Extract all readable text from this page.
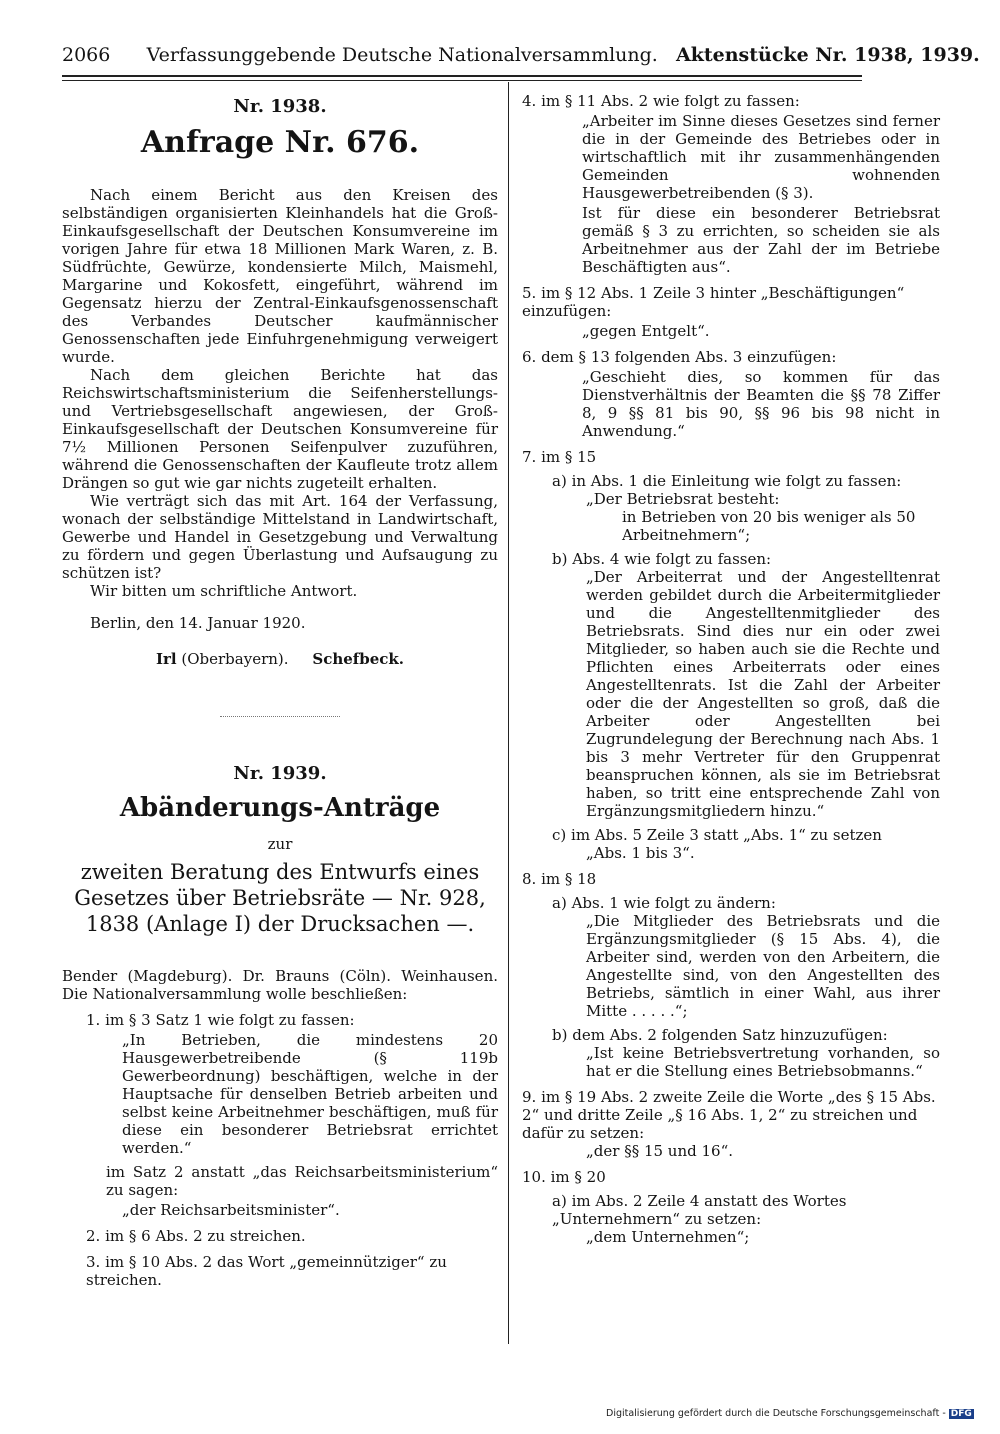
2066 Verfassunggebende Deutsche Nationalversammlung. Aktenstücke Nr. 1938, 1939.
Nr. 1938.
Anfrage Nr. 676.

Nach einem Bericht aus den Kreisen des selbständigen organisierten Kleinhandels hat die Groß-Einkaufsgesellschaft der Deutschen Konsumvereine im vorigen Jahre für etwa 18 Millionen Mark Waren, z. B. Südfrüchte, Gewürze, kondensierte Milch, Maismehl, Margarine und Kokosfett, eingeführt, während im Gegensatz hierzu der Zentral-Einkaufsgenossenschaft des Verbandes Deutscher kaufmännischer Genossenschaften jede Einfuhrgenehmigung verweigert wurde.

Nach dem gleichen Berichte hat das Reichswirtschaftsministerium die Seifenherstellungs- und Vertriebsgesellschaft angewiesen, der Groß-Einkaufsgesellschaft der Deutschen Konsumvereine für 7½ Millionen Personen Seifenpulver zuzuführen, während die Genossenschaften der Kaufleute trotz allem Drängen so gut wie gar nichts zugeteilt erhalten.

Wie verträgt sich das mit Art. 164 der Verfassung, wonach der selbständige Mittelstand in Landwirtschaft, Gewerbe und Handel in Gesetzgebung und Verwaltung zu fördern und gegen Überlastung und Aufsaugung zu schützen ist?

Wir bitten um schriftliche Antwort.

Berlin, den 14. Januar 1920.

Irl (Oberbayern). Schefbeck.
Nr. 1939.
Abänderungs-Anträge
zur
zweiten Beratung des Entwurfs eines Gesetzes über Betriebsräte — Nr. 928, 1838 (Anlage I) der Drucksachen —.

Bender (Magdeburg). Dr. Brauns (Cöln). Weinhausen. Die Nationalversammlung wolle beschließen:

1. im § 3 Satz 1 wie folgt zu fassen:
„In Betrieben, die mindestens 20 Hausgewerbetreibende (§ 119b Gewerbeordnung) beschäftigen, welche in der Hauptsache für denselben Betrieb arbeiten und selbst keine Arbeitnehmer beschäftigen, muß für diese ein besonderer Betriebsrat errichtet werden.“
im Satz 2 anstatt „das Reichsarbeitsministerium“ zu sagen:
„der Reichsarbeitsminister“.
2. im § 6 Abs. 2 zu streichen.
3. im § 10 Abs. 2 das Wort „gemeinnütziger“ zu streichen.
4. im § 11 Abs. 2 wie folgt zu fassen:
„Arbeiter im Sinne dieses Gesetzes sind ferner die in der Gemeinde des Betriebes oder in wirtschaftlich mit ihr zusammenhängenden Gemeinden wohnenden Hausgewerbetreibenden (§ 3).
Ist für diese ein besonderer Betriebsrat gemäß § 3 zu errichten, so scheiden sie als Arbeitnehmer aus der Zahl der im Betriebe Beschäftigten aus“.
5. im § 12 Abs. 1 Zeile 3 hinter „Beschäftigungen“ einzufügen:
„gegen Entgelt“.
6. dem § 13 folgenden Abs. 3 einzufügen:
„Geschieht dies, so kommen für das Dienstverhältnis der Beamten die §§ 78 Ziffer 8, 9 §§ 81 bis 90, §§ 96 bis 98 nicht in Anwendung.“
7. im § 15
a) in Abs. 1 die Einleitung wie folgt zu fassen:
„Der Betriebsrat besteht:
in Betrieben von 20 bis weniger als 50 Arbeitnehmern“;
b) Abs. 4 wie folgt zu fassen:
„Der Arbeiterrat und der Angestelltenrat werden gebildet durch die Arbeitermitglieder und die Angestelltenmitglieder des Betriebsrats. Sind dies nur ein oder zwei Mitglieder, so haben auch sie die Rechte und Pflichten eines Arbeiterrats oder eines Angestelltenrats. Ist die Zahl der Arbeiter oder die der Angestellten so groß, daß die Arbeiter oder Angestellten bei Zugrundelegung der Berechnung nach Abs. 1 bis 3 mehr Vertreter für den Gruppenrat beanspruchen können, als sie im Betriebsrat haben, so tritt eine entsprechende Zahl von Ergänzungsmitgliedern hinzu.“
c) im Abs. 5 Zeile 3 statt „Abs. 1“ zu setzen
„Abs. 1 bis 3“.
8. im § 18
a) Abs. 1 wie folgt zu ändern:
„Die Mitglieder des Betriebsrats und die Ergänzungsmitglieder (§ 15 Abs. 4), die Arbeiter sind, werden von den Arbeitern, die Angestellte sind, von den Angestellten des Betriebs, sämtlich in einer Wahl, aus ihrer Mitte . . . . .“;
b) dem Abs. 2 folgenden Satz hinzuzufügen:
„Ist keine Betriebsvertretung vorhanden, so hat er die Stellung eines Betriebsobmanns.“
9. im § 19 Abs. 2 zweite Zeile die Worte „des § 15 Abs. 2“ und dritte Zeile „§ 16 Abs. 1, 2“ zu streichen und dafür zu setzen:
„der §§ 15 und 16“.
10. im § 20
a) im Abs. 2 Zeile 4 anstatt des Wortes „Unternehmern“ zu setzen:
„dem Unternehmen“;
Digitalisierung gefördert durch die Deutsche Forschungsgemeinschaft - DFG
